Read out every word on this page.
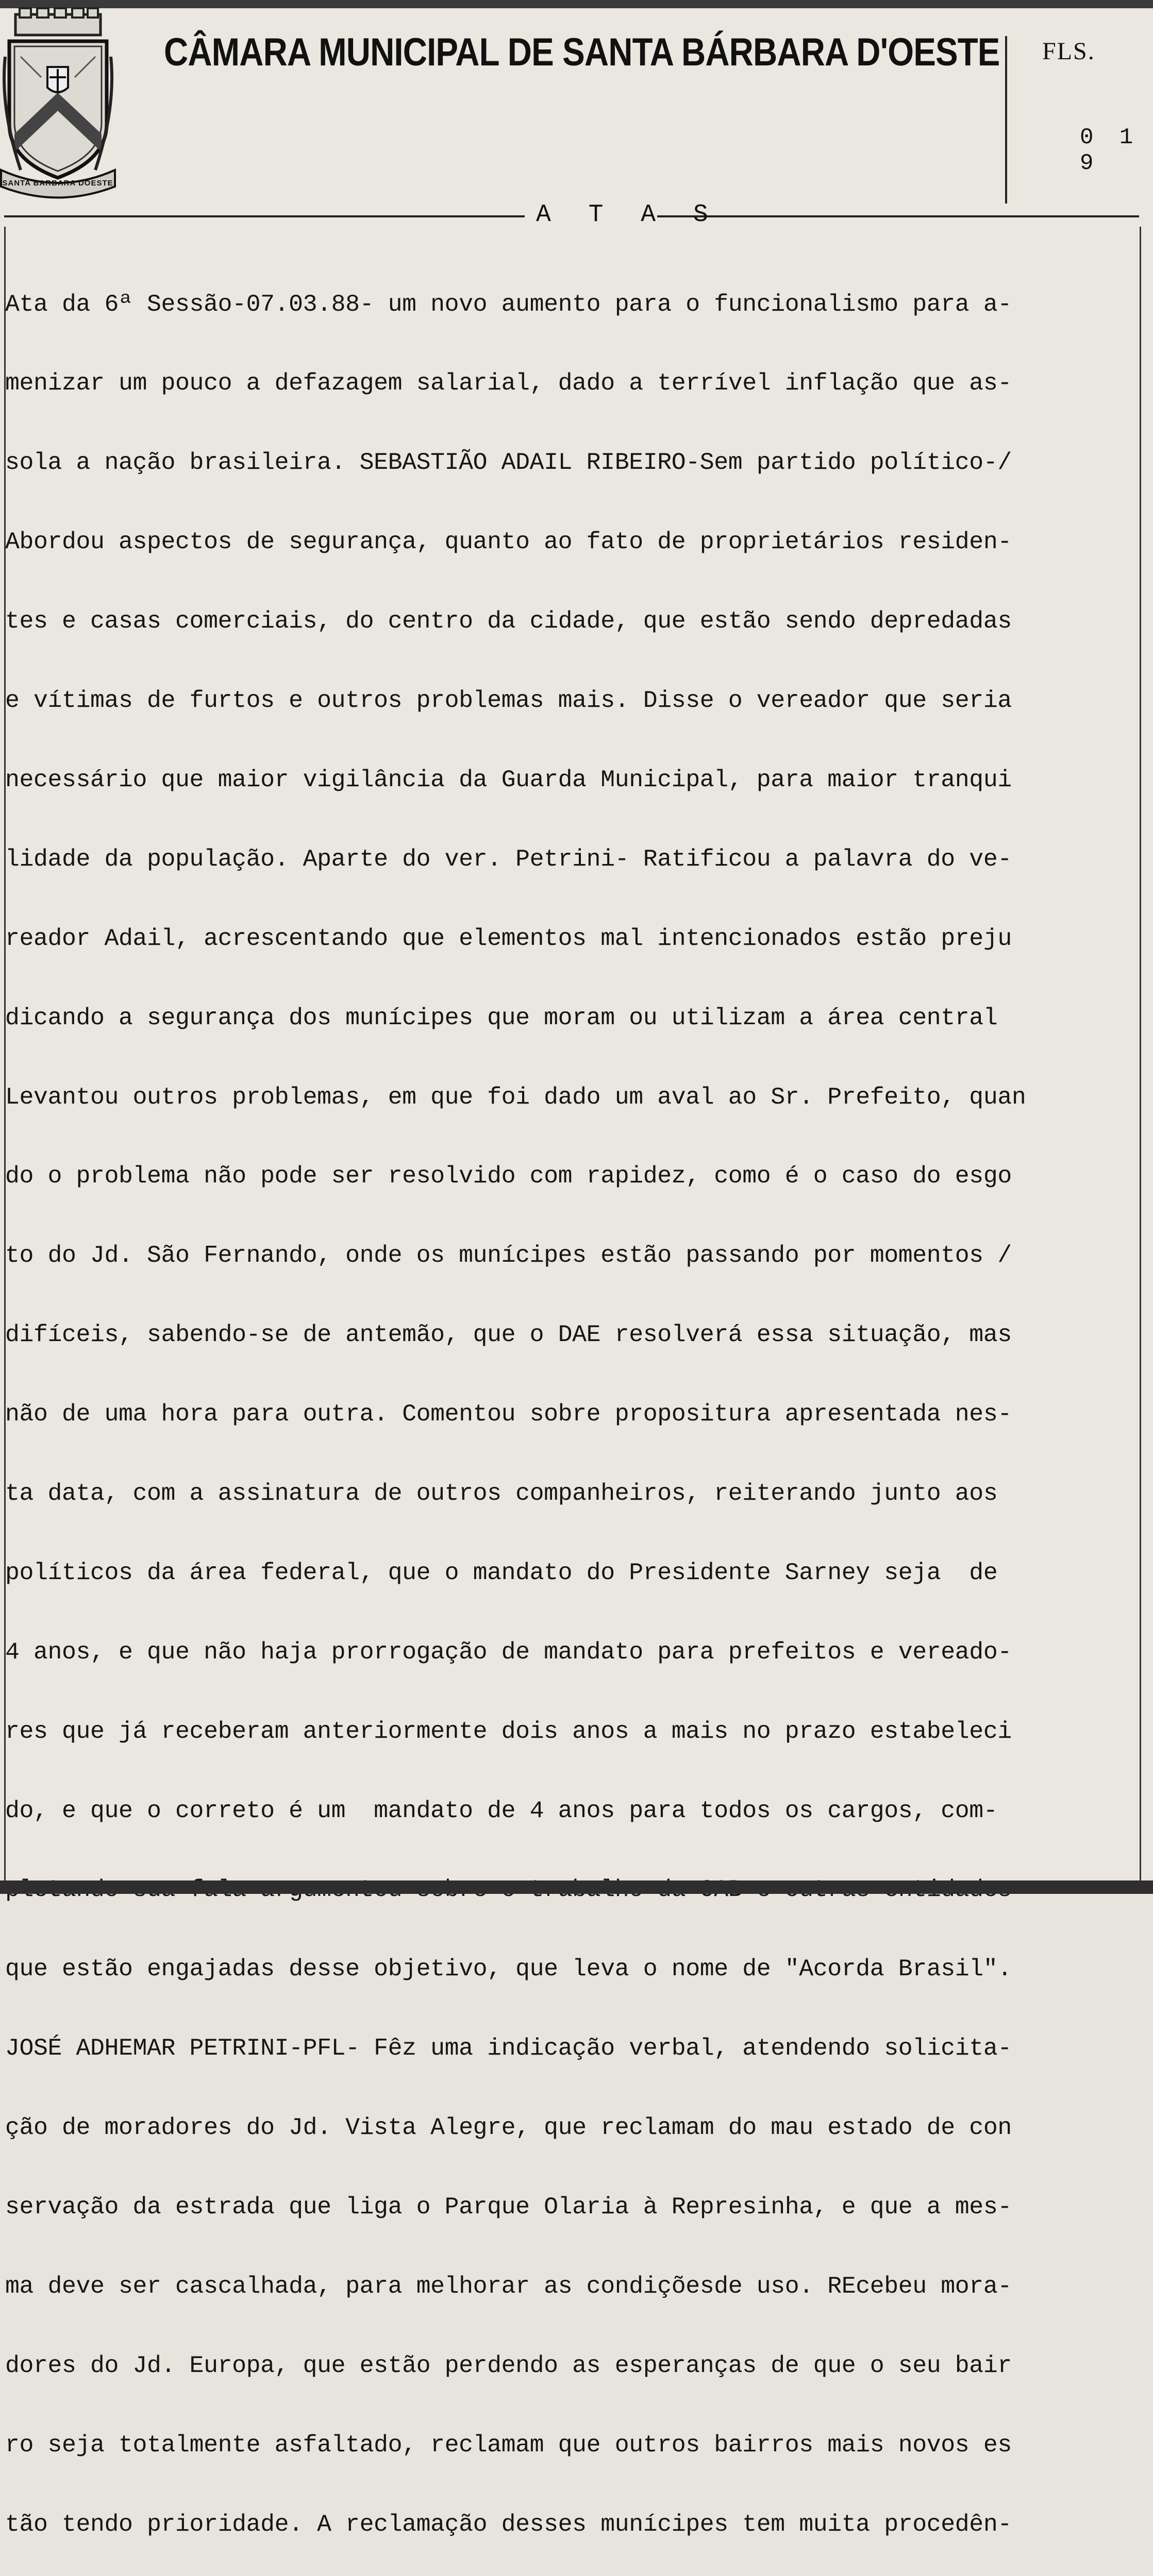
SANTA BARBARA DOESTE
CÂMARA MUNICIPAL DE SANTA BÁRBARA D'OESTE FLS.
0 1 9
A T A S

Ata da 6ª Sessão-07.03.88- um novo aumento para o funcionalismo para a-

menizar um pouco a defazagem salarial, dado a terrível inflação que as-

sola a nação brasileira. SEBASTIÃO ADAIL RIBEIRO-Sem partido político-/

Abordou aspectos de segurança, quanto ao fato de proprietários residen-

tes e casas comerciais, do centro da cidade, que estão sendo depredadas

e vítimas de furtos e outros problemas mais. Disse o vereador que seria

necessário que maior vigilância da Guarda Municipal, para maior tranqui

lidade da população. Aparte do ver. Petrini- Ratificou a palavra do ve-

reador Adail, acrescentando que elementos mal intencionados estão preju

dicando a segurança dos munícipes que moram ou utilizam a área central

Levantou outros problemas, em que foi dado um aval ao Sr. Prefeito, quan

do o problema não pode ser resolvido com rapidez, como é o caso do esgo

to do Jd. São Fernando, onde os munícipes estão passando por momentos /

difíceis, sabendo-se de antemão, que o DAE resolverá essa situação, mas

não de uma hora para outra. Comentou sobre propositura apresentada nes-

ta data, com a assinatura de outros companheiros, reiterando junto aos

políticos da área federal, que o mandato do Presidente Sarney seja  de

4 anos, e que não haja prorrogação de mandato para prefeitos e vereado-

res que já receberam anteriormente dois anos a mais no prazo estabeleci

do, e que o correto é um  mandato de 4 anos para todos os cargos, com-

que estão engajadas desse objetivo, que leva o nome de "Acorda Brasil".

JOSÉ ADHEMAR PETRINI-PFL- Fêz uma indicação verbal, atendendo solicita-

ção de moradores do Jd. Vista Alegre, que reclamam do mau estado de con

servação da estrada que liga o Parque Olaria à Represinha, e que a mes-

ma deve ser cascalhada, para melhorar as condiçõesde uso. REcebeu mora-

dores do Jd. Europa, que estão perdendo as esperanças de que o seu bair

ro seja totalmente asfaltado, reclamam que outros bairros mais novos es

tão tendo prioridade. A reclamação desses munícipes tem muita procedên-
